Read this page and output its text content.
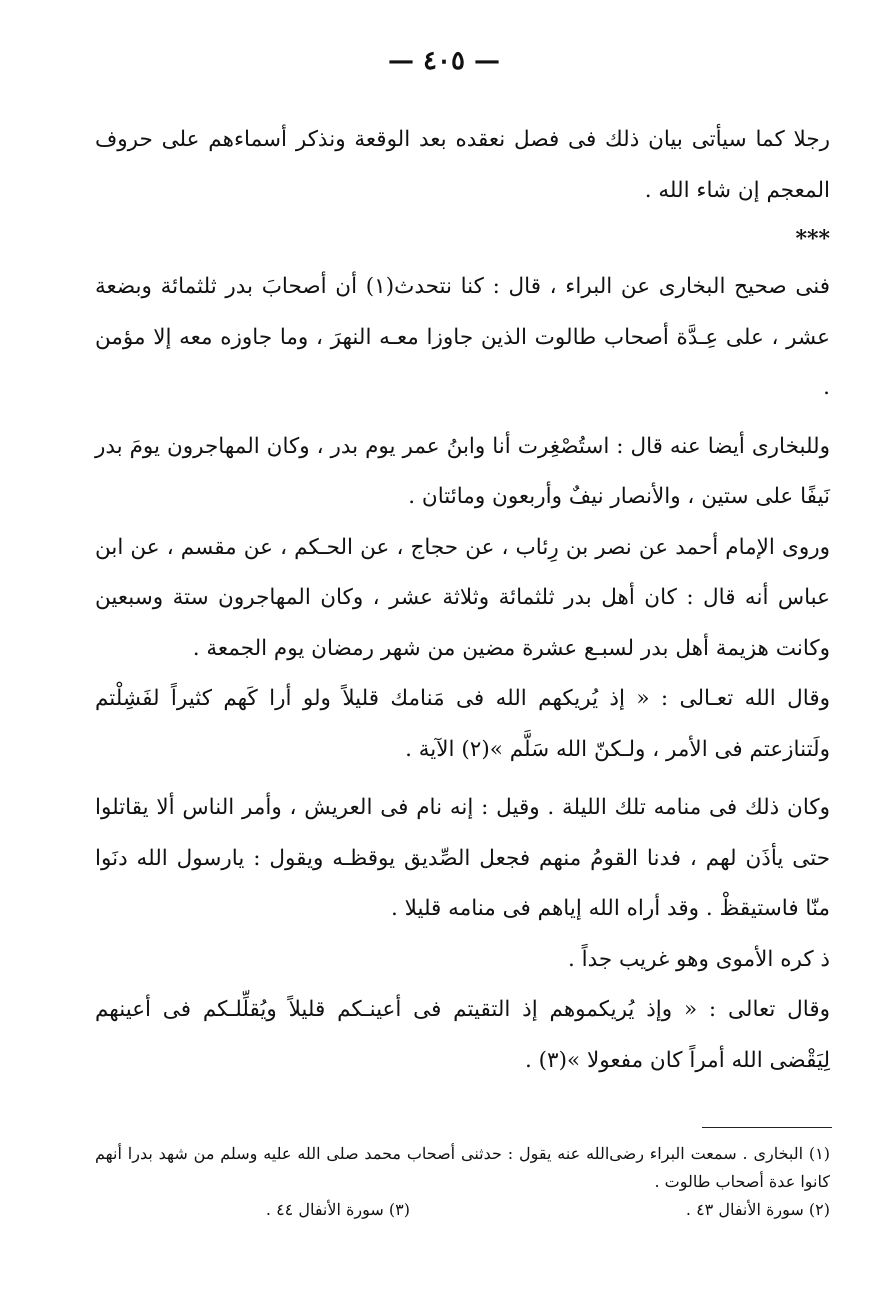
— ٤٠٥ —

رجلا كما سيأتى بيان ذلك فى فصل نعقده بعد الوقعة ونذكر أسماءهم على حروف المعجم إن شاء الله .

***

فنى صحيح البخارى عن البراء ، قال : كنا نتحدث(١) أن أصحابَ بدر ثلثمائة وبضعة عشر ، على عِـدَّة أصحاب طالوت الذين جاوزا معـه النهرَ ، وما جاوزه معه إلا مؤمن .

وللبخارى أيضا عنه قال : استُصْغِرت أنا وابنُ عمر يوم بدر ، وكان المهاجرون يومَ بدر نَيفًا على ستين ، والأنصار نيفٌ وأربعون ومائتان .

وروى الإمام أحمد عن نصر بن رِئاب ، عن حجاج ، عن الحـكم ، عن مقسم ، عن ابن عباس أنه قال : كان أهل بدر ثلثمائة وثلاثة عشر ، وكان المهاجرون ستة وسبعين وكانت هزيمة أهل بدر لسبـع عشرة مضين من شهر رمضان يوم الجمعة .

وقال الله تعـالى : « إذ يُريكهم الله فى مَنامك قليلاً ولو أرا كَهم كثيراً لفَشِلْتم ولَتنازعتم فى الأمر ، ولـكنّ الله سَلَّم »(٢) الآية .

وكان ذلك فى منامه تلك الليلة . وقيل : إنه نام فى العريش ، وأمر الناس ألا يقاتلوا حتى يأذَن لهم ، فدنا القومُ منهم فجعل الصِّديق يوقظـه ويقول : يارسول الله دنَوا منّا فاستيقظْ . وقد أراه الله إياهم فى منامه قليلا .

ذ كره الأموى وهو غريب جداً .

وقال تعالى : « وإذ يُريكموهم إذ التقيتم فى أعينـكم قليلاً ويُقلِّلـكم فى أعينهم لِيَقْضى الله أمراً كان مفعولا »(٣) .

(١) البخارى . سمعت البراء رضى‌الله عنه يقول : حدثنى أصحاب محمد صلى الله عليه وسلم من شهد بدرا أنهم كانوا عدة أصحاب طالوت .

(٢) سورة الأنفال ٤٣ .
(٣) سورة الأنفال ٤٤ .
